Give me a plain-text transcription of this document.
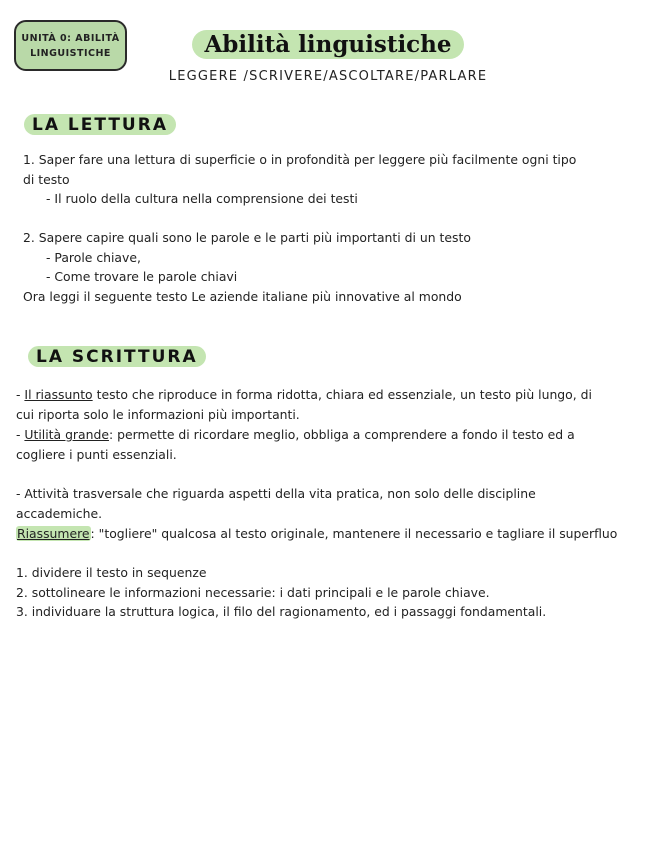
UNITÀ 0: ABILITÀ
LINGUISTICHE	Abilità linguistiche
LEGGERE /SCRIVERE/ASCOLTARE/PARLARE
LA LETTURA
1. Saper fare una lettura di superficie o in profondità per leggere più facilmente ogni tipo
di testo
- Il ruolo della cultura nella comprensione dei testi
2. Sapere capire quali sono le parole e le parti più importanti di un testo
- Parole chiave,
- Come trovare le parole chiavi
Ora leggi il seguente testo Le aziende italiane più innovative al mondo
LA SCRITTURA
- Il riassunto testo che riproduce in forma ridotta, chiara ed essenziale, un testo più lungo, di
cui riporta solo le informazioni più importanti.
- Utilità grande: permette di ricordare meglio, obbliga a comprendere a fondo il testo ed a
cogliere i punti essenziali.
- Attività trasversale che riguarda aspetti della vita pratica, non solo delle discipline
accademiche.
Riassumere: "togliere" qualcosa al testo originale, mantenere il necessario e tagliare il superfluo
1. dividere il testo in sequenze
2. sottolineare le informazioni necessarie: i dati principali e le parole chiave.
3. individuare la struttura logica, il filo del ragionamento, ed i passaggi fondamentali.
